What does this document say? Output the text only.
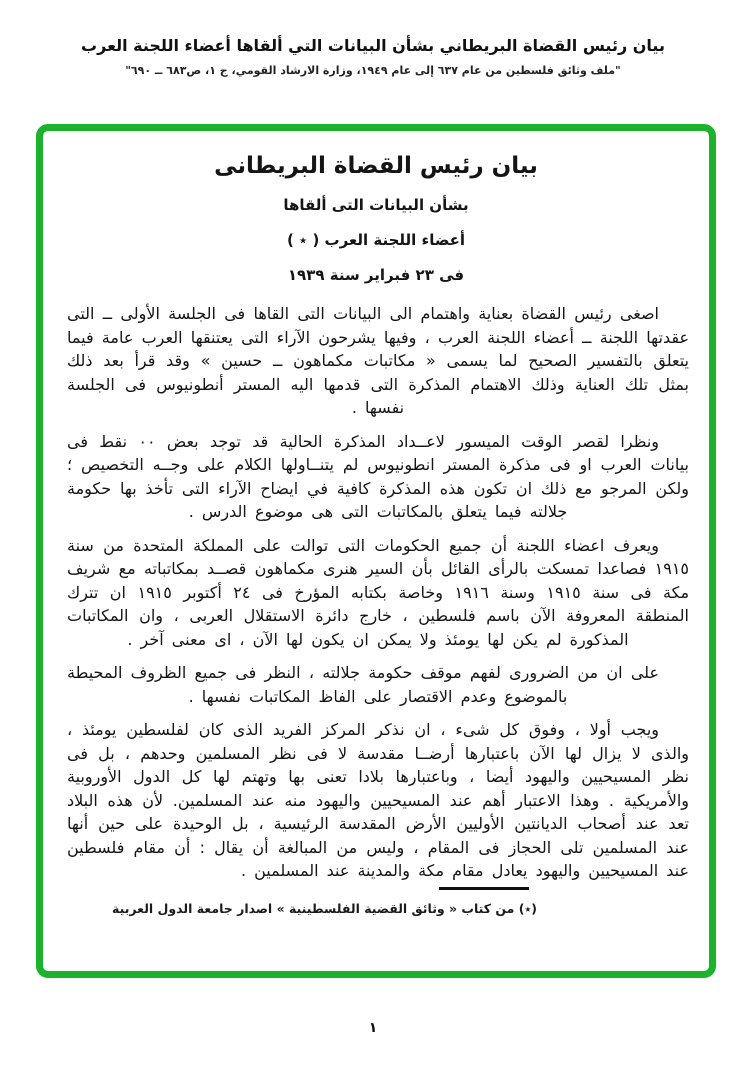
بيان رئيس القضاة البريطاني بشأن البيانات التي ألقاها أعضاء اللجنة العرب
"ملف وثائق فلسطين من عام ٦٣٧ إلى عام ١٩٤٩، وزارة الارشاد القومي، ج ١، ص٦٨٣ ــ ٦٩٠"
بيان رئيس القضاة البريطانى
بشأن البيانات التى ألقاها
أعضاء اللجنة العرب ( ٭ )
فى ٢٣ فبراير سنة ١٩٣٩

اصغى رئيس القضاة بعناية واهتمام الى البيانات التى القاها فى الجلسة الأولى ــ التى عقدتها اللجنة ــ أعضاء اللجنة العرب ، وفيها يشرحون الآراء التى يعتنقها العرب عامة فيما يتعلق بالتفسير الصحيح لما يسمى « مكاتبات مكماهون ــ حسين » وقد قرأ بعد ذلك بمثل تلك العناية وذلك الاهتمام المذكرة التى قدمها اليه المستر أنطونيوس فى الجلسة نفسها .

ونظرا لقصر الوقت الميسور لاعــداد المذكرة الحالية قد توجد بعض ٠٠ نقط فى بيانات العرب او فى مذكرة المستر انطونيوس لم يتنــاولها الكلام على وجــه التخصيص ؛ ولكن المرجو مع ذلك ان تكون هذه المذكرة كافية في ايضاح الآراء التى تأخذ بها حكومة جلالته فيما يتعلق بالمكاتبات التى هى موضوع الدرس .

ويعرف اعضاء اللجنة أن جميع الحكومات التى توالت على المملكة المتحدة من سنة ١٩١٥ فصاعدا تمسكت بالرأى القائل بأن السير هنرى مكماهون قصــد بمكاتباته مع شريف مكة فى سنة ١٩١٥ وسنة ١٩١٦ وخاصة بكتابه المؤرخ فى ٢٤ أكتوبر ١٩١٥ ان تترك المنطقة المعروفة الآن باسم فلسطين ، خارج دائرة الاستقلال العربى ، وان المكاتبات المذكورة لم يكن لها يومئذ ولا يمكن ان يكون لها الآن ، اى معنى آخر .

على ان من الضرورى لفهم موقف حكومة جلالته ، النظر فى جميع الظروف المحيطة بالموضوع وعدم الاقتصار على الفاظ المكاتبات نفسها .

ويجب أولا ، وفوق كل شىء ، ان نذكر المركز الفريد الذى كان لفلسطين يومئذ ، والذى لا يزال لها الآن باعتبارها أرضــا مقدسة لا فى نظر المسلمين وحدهم ، بل فى نظر المسيحيين واليهود أيضا ، وباعتبارها بلادا تعنى بها وتهتم لها كل الدول الأوروبية والأمريكية . وهذا الاعتبار أهم عند المسيحيين واليهود منه عند المسلمين. لأن هذه البلاد تعد عند أصحاب الديانتين الأوليين الأرض المقدسة الرئيسية ، بل الوحيدة على حين أنها عند المسلمين تلى الحجاز فى المقام ، وليس من المبالغة أن يقال : أن مقام فلسطين عند المسيحيين واليهود يعادل مقام مكة والمدينة عند المسلمين .

(٭) من كتاب « وثائق القضية الفلسطينية » اصدار جامعة الدول العربية
١
